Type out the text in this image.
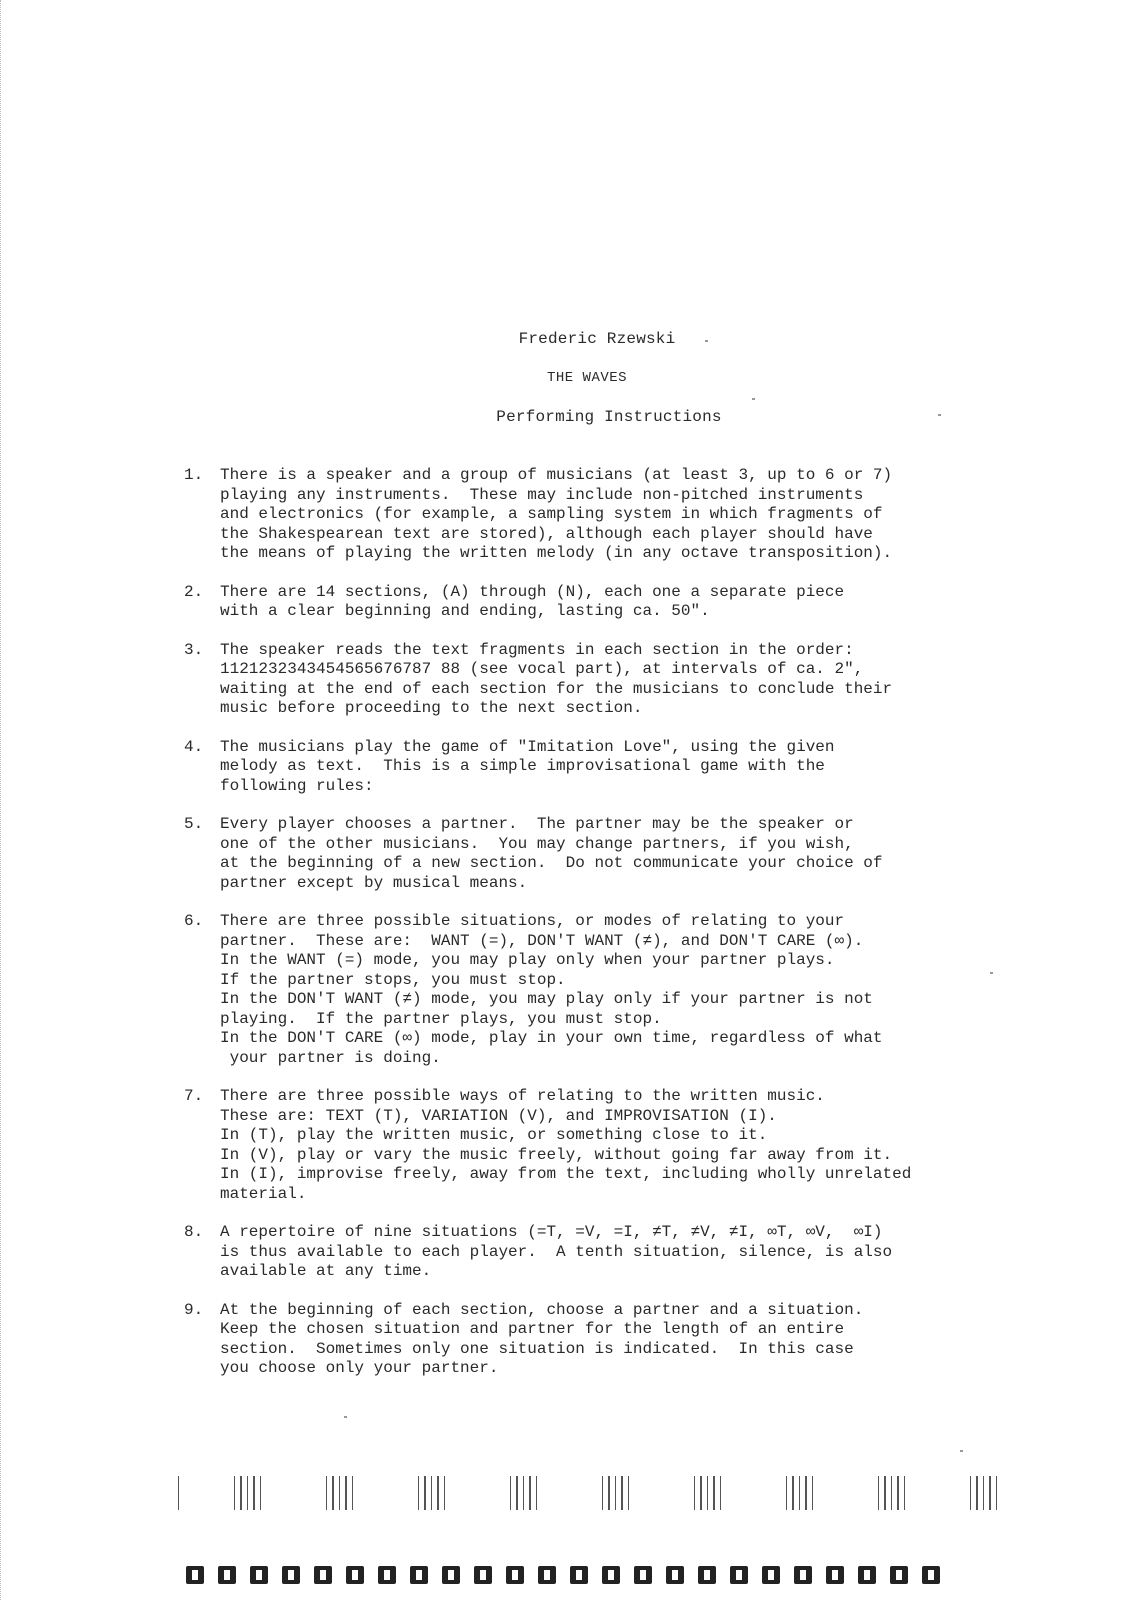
Frederic Rzewski
THE WAVES
Performing Instructions
1.	There is a speaker and a group of musicians (at least 3, up to 6 or 7)
playing any instruments.  These may include non-pitched instruments
and electronics (for example, a sampling system in which fragments of
the Shakespearean text are stored), although each player should have
the means of playing the written melody (in any octave transposition).
2.	There are 14 sections, (A) through (N), each one a separate piece
with a clear beginning and ending, lasting ca. 50".
3.	The speaker reads the text fragments in each section in the order:
1121232343454565676787 88 (see vocal part), at intervals of ca. 2",
waiting at the end of each section for the musicians to conclude their
music before proceeding to the next section.
4.	The musicians play the game of "Imitation Love", using the given
melody as text.  This is a simple improvisational game with the
following rules:
5.	Every player chooses a partner.  The partner may be the speaker or
one of the other musicians.  You may change partners, if you wish,
at the beginning of a new section.  Do not communicate your choice of
partner except by musical means.
6.	There are three possible situations, or modes of relating to your
partner.  These are:  WANT (=), DON'T WANT (≠), and DON'T CARE (∞).
In the WANT (=) mode, you may play only when your partner plays.
If the partner stops, you must stop.
In the DON'T WANT (≠) mode, you may play only if your partner is not
playing.  If the partner plays, you must stop.
In the DON'T CARE (∞) mode, play in your own time, regardless of what
your partner is doing.
7.	There are three possible ways of relating to the written music.
These are: TEXT (T), VARIATION (V), and IMPROVISATION (I).
In (T), play the written music, or something close to it.
In (V), play or vary the music freely, without going far away from it.
In (I), improvise freely, away from the text, including wholly unrelated
material.
8.	A repertoire of nine situations (=T, =V, =I, ≠T, ≠V, ≠I, ∞T, ∞V,  ∞I)
is thus available to each player.  A tenth situation, silence, is also
available at any time.
9.	At the beginning of each section, choose a partner and a situation.
Keep the chosen situation and partner for the length of an entire
section.  Sometimes only one situation is indicated.  In this case
you choose only your partner.
